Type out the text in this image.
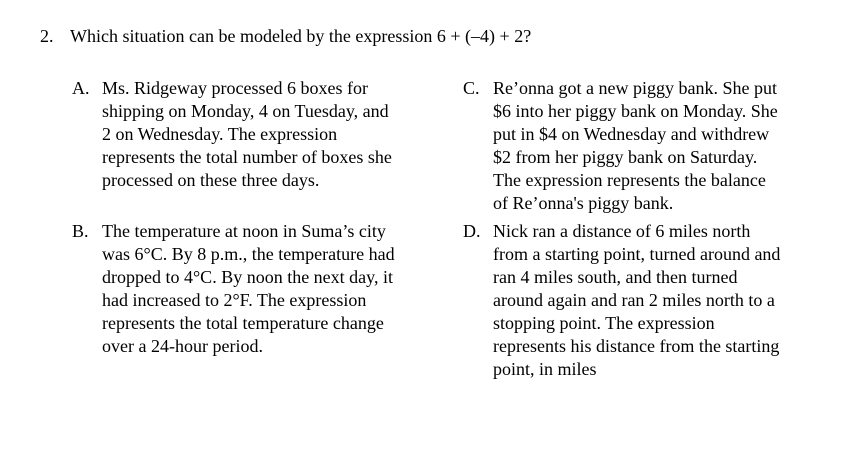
2. Which situation can be modeled by the expression 6 + (–4) + 2?
A. Ms. Ridgeway processed 6 boxes for
shipping on Monday, 4 on Tuesday, and
2 on Wednesday. The expression
represents the total number of boxes she
processed on these three days.
B. The temperature at noon in Suma’s city
was 6°C. By 8 p.m., the temperature had
dropped to 4°C. By noon the next day, it
had increased to 2°F. The expression
represents the total temperature change
over a 24-hour period.
C. Re’onna got a new piggy bank. She put
$6 into her piggy bank on Monday. She
put in $4 on Wednesday and withdrew
$2 from her piggy bank on Saturday.
The expression represents the balance
of Re’onna's piggy bank.
D. Nick ran a distance of 6 miles north
from a starting point, turned around and
ran 4 miles south, and then turned
around again and ran 2 miles north to a
stopping point. The expression
represents his distance from the starting
point, in miles
